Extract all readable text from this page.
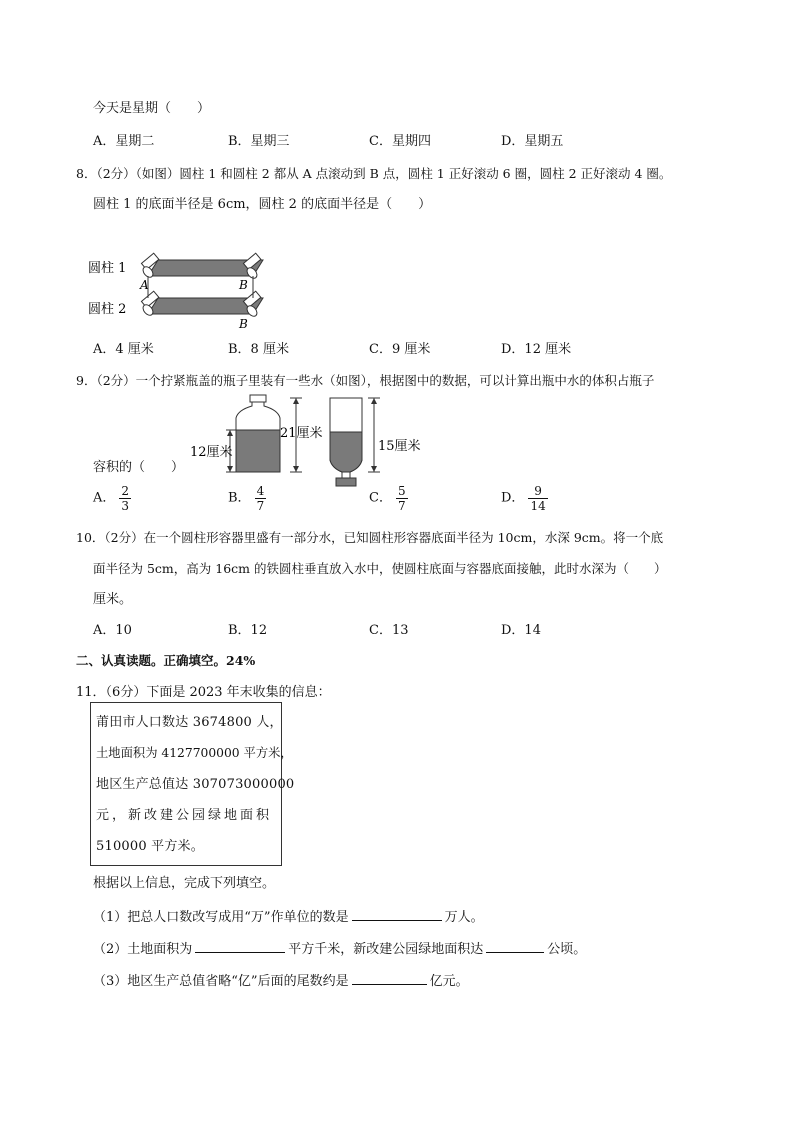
今天是星期（　　）
A．星期二	B．星期三	C．星期四	D．星期五
8．（2分）（如图）圆柱 1 和圆柱 2 都从 A 点滚动到 B 点，圆柱 1 正好滚动 6 圈，圆柱 2 正好滚动 4 圈。
圆柱 1 的底面半径是 6cm，圆柱 2 的底面半径是（　　）
圆柱 1
圆柱 2
A	B
B
A．4 厘米	B．8 厘米	C．9 厘米	D．12 厘米
9．（2分）一个拧紧瓶盖的瓶子里装有一些水（如图），根据图中的数据，可以计算出瓶中水的体积占瓶子
12厘米
21厘米
15厘米
容积的（　　）
A． $\frac{2}{3}$	B． $\frac{4}{7}$	C． $\frac{5}{7}$	D． $\frac{9}{14}$
10．（2分）在一个圆柱形容器里盛有一部分水，已知圆柱形容器底面半径为 10cm，水深 9cm。将一个底
面半径为 5cm，高为 16cm 的铁圆柱垂直放入水中，使圆柱底面与容器底面接触，此时水深为（　　）
厘米。
A．10	B．12	C．13	D．14
二、认真读题。正确填空。24%
11．（6分）下面是 2023 年末收集的信息：
莆田市人口数达 3674800 人，
土地面积为 4127700000 平方米，
地区生产总值达 307073000000
元，新改建公园绿地面积
510000 平方米。
根据以上信息，完成下列填空。
（1）把总人口数改写成用“万”作单位的数是	万人。
（2）土地面积为	平方千米，新改建公园绿地面积达	公顷。
（3）地区生产总值省略“亿”后面的尾数约是	亿元。
